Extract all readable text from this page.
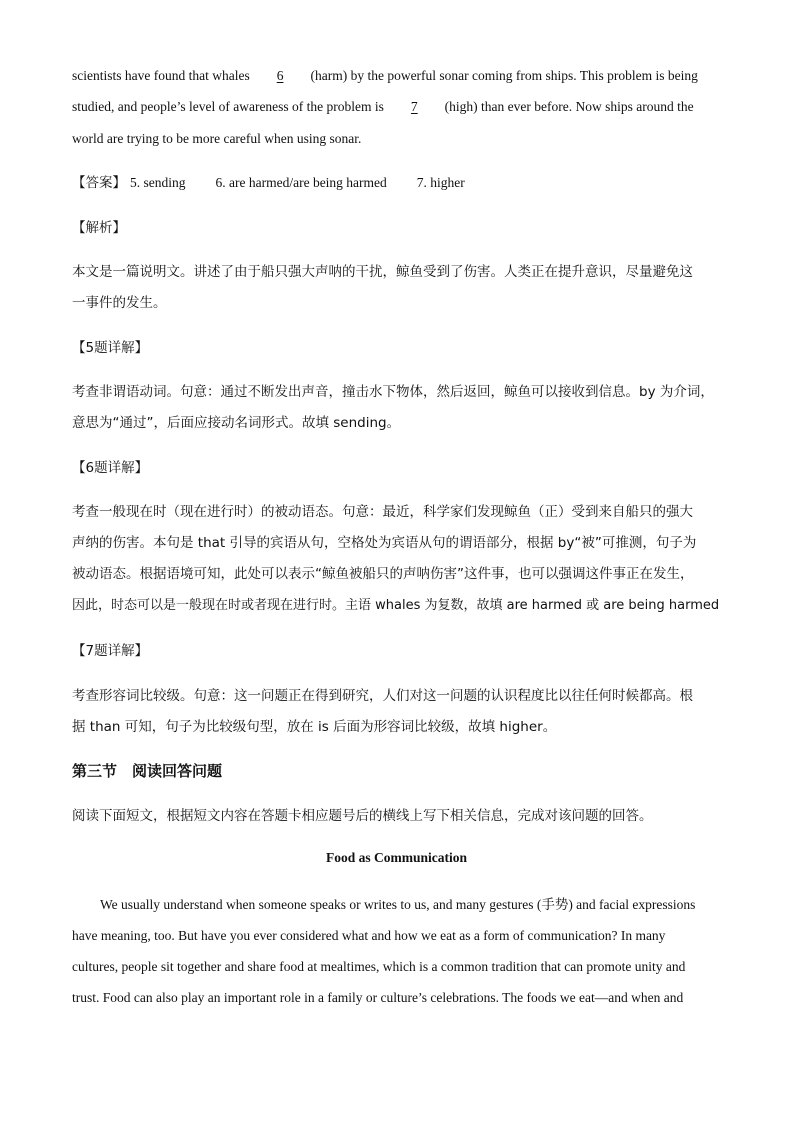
scientists have found that whales 6 (harm) by the powerful sonar coming from ships. This problem is being
studied, and people’s level of awareness of the problem is 7 (high) than ever before. Now ships around the
world are trying to be more careful when using sonar.
【答案】 5. sending 6. are harmed/are being harmed 7. higher
【解析】
本文是一篇说明文。讲述了由于船只强大声呐的干扰，鲸鱼受到了伤害。人类正在提升意识，尽量避免这
一事件的发生。
【5题详解】
考查非谓语动词。句意：通过不断发出声音，撞击水下物体，然后返回，鲸鱼可以接收到信息。by 为介词，
意思为“通过”，后面应接动名词形式。故填 sending。
【6题详解】
考查一般现在时（现在进行时）的被动语态。句意：最近，科学家们发现鲸鱼（正）受到来自船只的强大
声纳的伤害。本句是 that 引导的宾语从句，空格处为宾语从句的谓语部分，根据 by“被”可推测，句子为
被动语态。根据语境可知，此处可以表示“鲸鱼被船只的声呐伤害”这件事，也可以强调这件事正在发生，
因此，时态可以是一般现在时或者现在进行时。主语 whales 为复数，故填 are harmed 或 are being harmed
【7题详解】
考查形容词比较级。句意：这一问题正在得到研究，人们对这一问题的认识程度比以往任何时候都高。根
据 than 可知，句子为比较级句型，放在 is 后面为形容词比较级，故填 higher。
第三节　阅读回答问题
阅读下面短文，根据短文内容在答题卡相应题号后的横线上写下相关信息，完成对该问题的回答。
Food as Communication
We usually understand when someone speaks or writes to us, and many gestures (手势) and facial expressions
have meaning, too. But have you ever considered what and how we eat as a form of communication? In many
cultures, people sit together and share food at mealtimes, which is a common tradition that can promote unity and
trust. Food can also play an important role in a family or culture’s celebrations. The foods we eat—and when and
